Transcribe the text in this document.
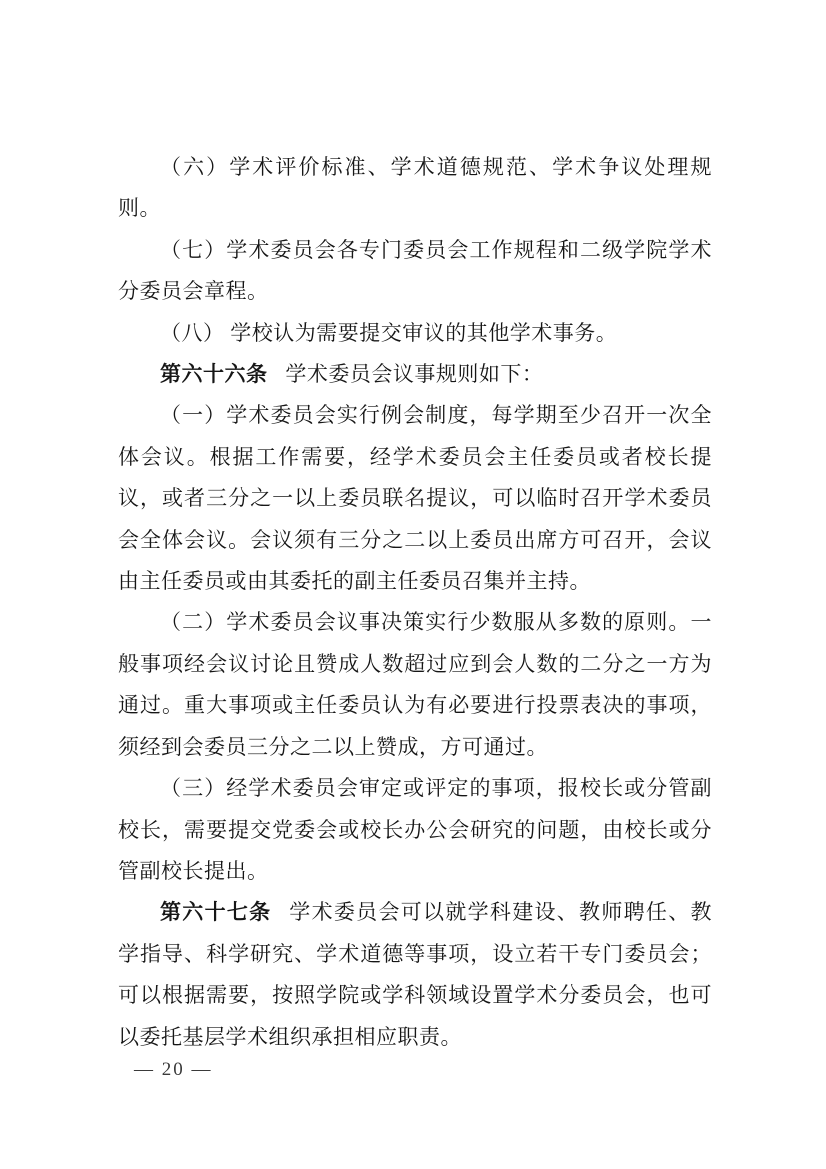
（六）学术评价标准、学术道德规范、学术争议处理规则。

（七）学术委员会各专门委员会工作规程和二级学院学术分委员会章程。

（八） 学校认为需要提交审议的其他学术事务。

第六十六条 学术委员会议事规则如下：

（一）学术委员会实行例会制度，每学期至少召开一次全体会议。根据工作需要，经学术委员会主任委员或者校长提议，或者三分之一以上委员联名提议，可以临时召开学术委员会全体会议。会议须有三分之二以上委员出席方可召开，会议由主任委员或由其委托的副主任委员召集并主持。

（二）学术委员会议事决策实行少数服从多数的原则。一般事项经会议讨论且赞成人数超过应到会人数的二分之一方为通过。重大事项或主任委员认为有必要进行投票表决的事项，须经到会委员三分之二以上赞成，方可通过。

（三）经学术委员会审定或评定的事项，报校长或分管副校长，需要提交党委会或校长办公会研究的问题，由校长或分管副校长提出。

第六十七条 学术委员会可以就学科建设、教师聘任、教学指导、科学研究、学术道德等事项，设立若干专门委员会；可以根据需要，按照学院或学科领域设置学术分委员会，也可以委托基层学术组织承担相应职责。

— 20 —
